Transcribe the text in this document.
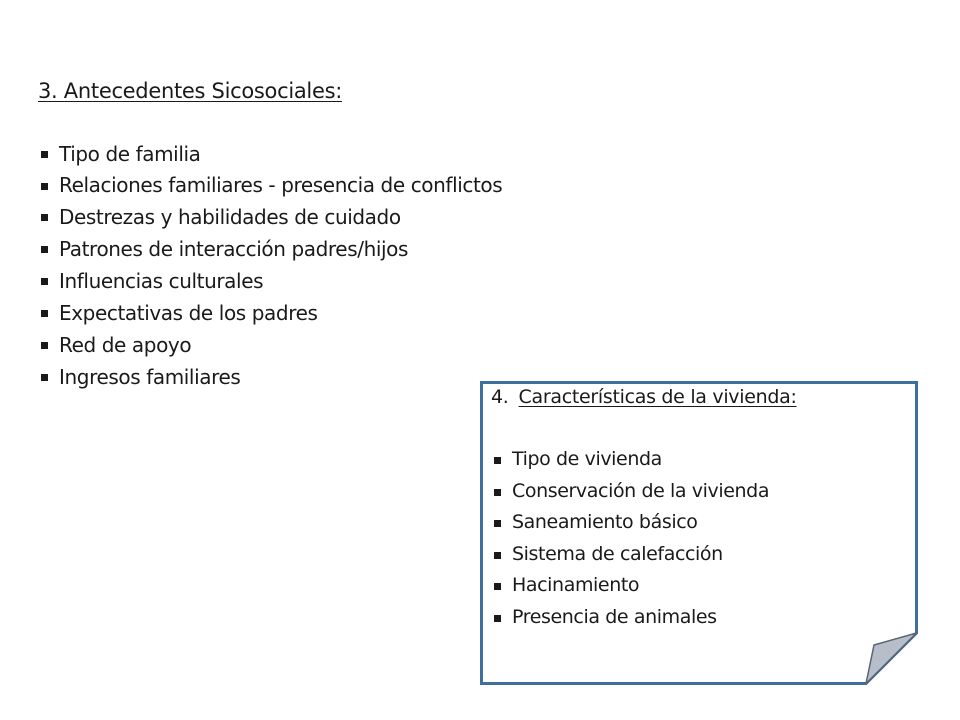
3. Antecedentes Sicosociales:
Tipo de familia
Relaciones familiares - presencia de conflictos
Destrezas y habilidades de cuidado
Patrones de interacción padres/hijos
Influencias culturales
Expectativas de los padres
Red de apoyo
Ingresos familiares
4. Características de la vivienda:
Tipo de vivienda
Conservación de la vivienda
Saneamiento básico
Sistema de calefacción
Hacinamiento
Presencia de animales
